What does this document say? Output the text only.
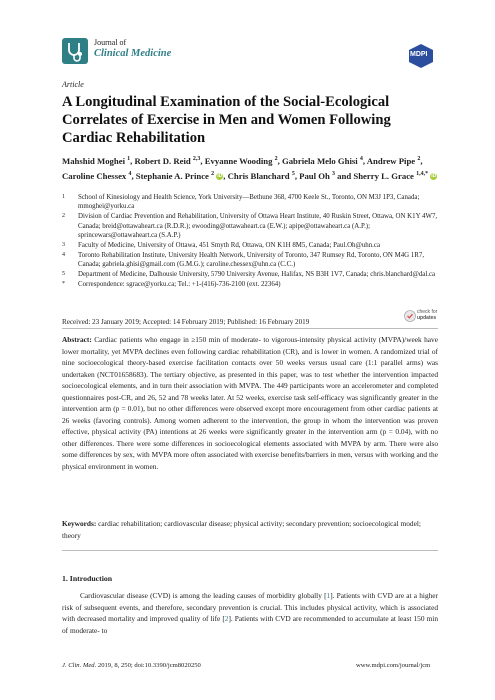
Journal of
Clinical Medicine	MDPI
Article
A Longitudinal Examination of the Social-Ecological Correlates of Exercise in Men and Women Following Cardiac Rehabilitation
Mahshid Moghei $^1$, Robert D. Reid $^{2,3}$, Evyanne Wooding $^2$, Gabriela Melo Ghisi $^4$, Andrew Pipe $^2$, Caroline Chessex $^4$, Stephanie A. Prince $^2$ iD, Chris Blanchard $^5$, Paul Oh $^3$ and Sherry L. Grace $^{1,4,*}$ iD
1	School of Kinesiology and Health Science, York University—Bethune 368, 4700 Keele St., Toronto, ON M3J 1P3, Canada; mmoghei@yorku.ca
2	Division of Cardiac Prevention and Rehabilitation, University of Ottawa Heart Institute, 40 Ruskin Street, Ottawa, ON K1Y 4W7, Canada; breid@ottawaheart.ca (R.D.R.); ewooding@ottawaheart.ca (E.W.); apipe@ottawaheart.ca (A.P.); sprincewars@ottawaheart.ca (S.A.P.)
3	Faculty of Medicine, University of Ottawa, 451 Smyth Rd, Ottawa, ON K1H 8M5, Canada; Paul.Oh@uhn.ca
4	Toronto Rehabilitation Institute, University Health Network, University of Toronto, 347 Rumsey Rd, Toronto, ON M4G 1R7, Canada; gabriela.ghisi@gmail.com (G.M.G.); caroline.chessex@uhn.ca (C.C.)
5	Department of Medicine, Dalhousie University, 5790 University Avenue, Halifax, NS B3H 1V7, Canada; chris.blanchard@dal.ca
*	Correspondence: sgrace@yorku.ca; Tel.: +1-(416)-736-2100 (ext. 22364)
check for
updates
Received: 23 January 2019; Accepted: 14 February 2019; Published: 16 February 2019
Abstract: Cardiac patients who engage in ≥150 min of moderate- to vigorous-intensity physical activity (MVPA)/week have lower mortality, yet MVPA declines even following cardiac rehabilitation (CR), and is lower in women. A randomized trial of nine socioecological theory-based exercise facilitation contacts over 50 weeks versus usual care (1:1 parallel arms) was undertaken (NCT01658683). The tertiary objective, as presented in this paper, was to test whether the intervention impacted socioecological elements, and in turn their association with MVPA. The 449 participants wore an accelerometer and completed questionnaires post-CR, and 26, 52 and 78 weeks later. At 52 weeks, exercise task self-efficacy was significantly greater in the intervention arm (p = 0.01), but no other differences were observed except more encouragement from other cardiac patients at 26 weeks (favoring controls). Among women adherent to the intervention, the group in whom the intervention was proven effective, physical activity (PA) intentions at 26 weeks were significantly greater in the intervention arm (p = 0.04), with no other differences. There were some differences in socioecological elements associated with MVPA by arm. There were also some differences by sex, with MVPA more often associated with exercise benefits/barriers in men, versus with working and the physical environment in women.
Keywords: cardiac rehabilitation; cardiovascular disease; physical activity; secondary prevention; socioecological model; theory
1. Introduction
Cardiovascular disease (CVD) is among the leading causes of morbidity globally [1]. Patients with CVD are at a higher risk of subsequent events, and therefore, secondary prevention is crucial. This includes physical activity, which is associated with decreased mortality and improved quality of life [2]. Patients with CVD are recommended to accumulate at least 150 min of moderate- to
J. Clin. Med. 2019, 8, 250; doi:10.3390/jcm8020250	www.mdpi.com/journal/jcm
